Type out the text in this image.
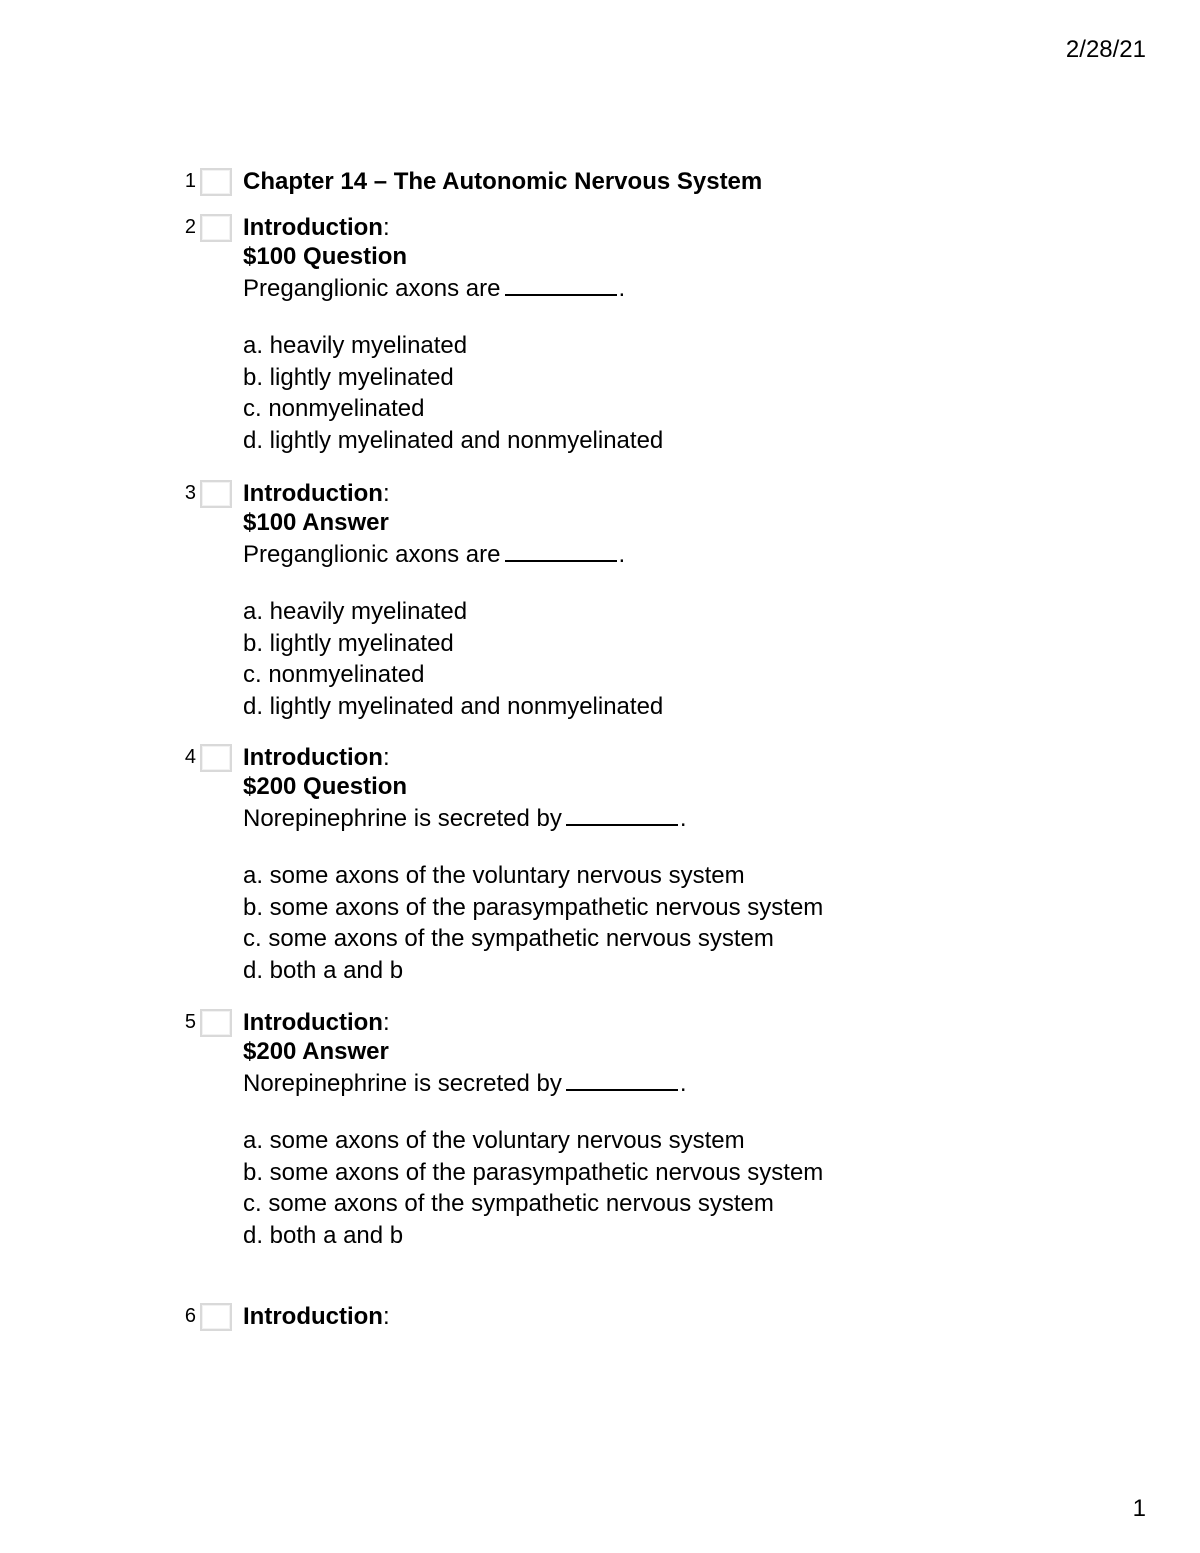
2/28/21
1 Chapter 14 – The Autonomic Nervous System

2 Introduction:

$100 Question

Preganglionic axons are	.

a. heavily myelinated
b. lightly myelinated
c. nonmyelinated
d. lightly myelinated and nonmyelinated
3 Introduction:

$100 Answer

Preganglionic axons are	.

a. heavily myelinated
b. lightly myelinated
c. nonmyelinated
d. lightly myelinated and nonmyelinated
4 Introduction:

$200 Question

Norepinephrine is secreted by	.

a. some axons of the voluntary nervous system
b. some axons of the parasympathetic nervous system
c. some axons of the sympathetic nervous system
d. both a and b
5 Introduction:

$200 Answer

Norepinephrine is secreted by	.

a. some axons of the voluntary nervous system
b. some axons of the parasympathetic nervous system
c. some axons of the sympathetic nervous system
d. both a and b
6 Introduction:

1
